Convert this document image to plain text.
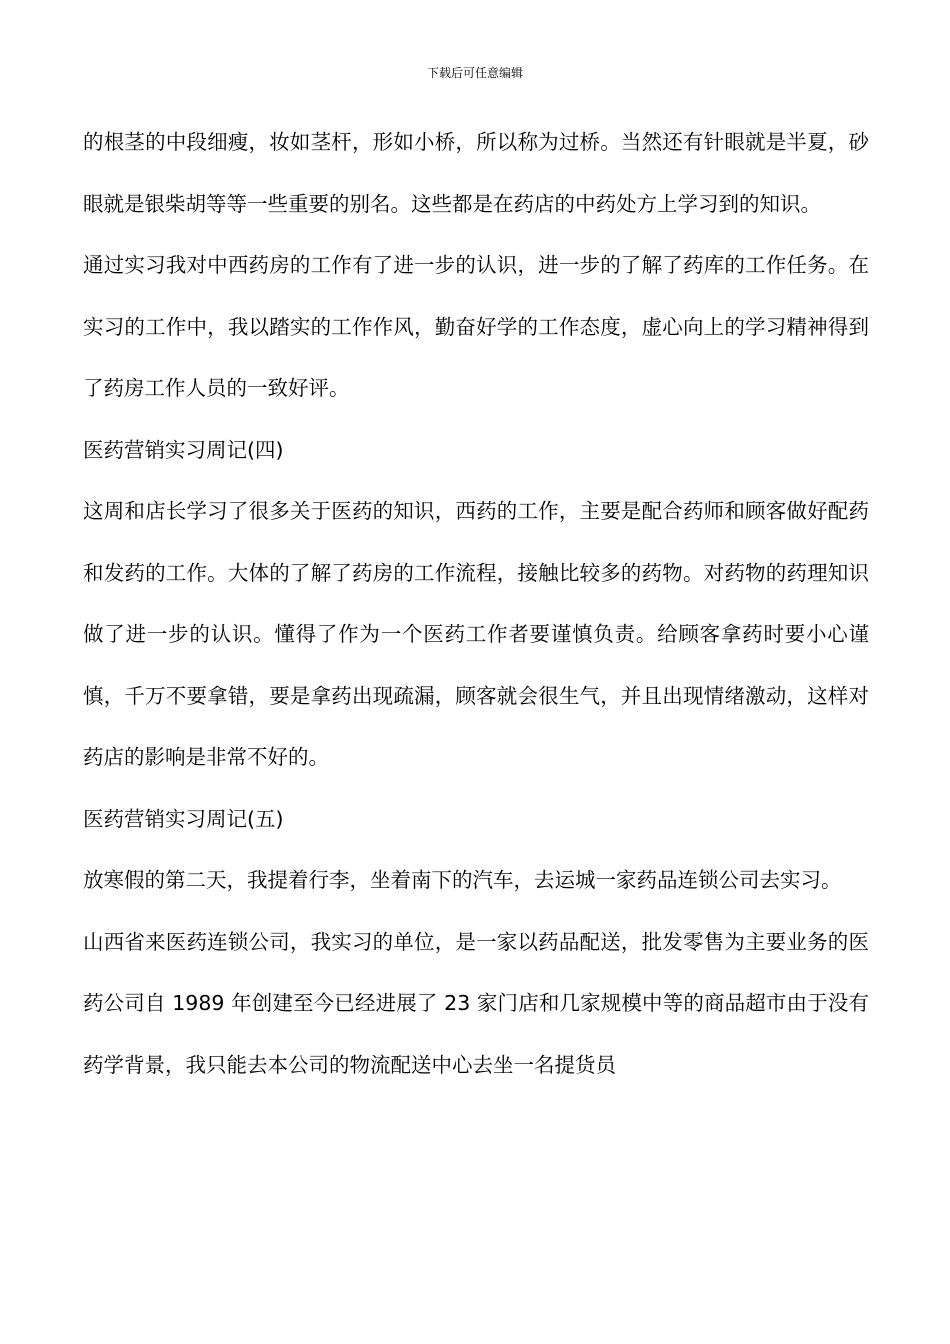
下载后可任意编辑

的根茎的中段细瘦，妆如茎杆，形如小桥，所以称为过桥。当然还有针眼就是半夏，砂眼就是银柴胡等等一些重要的别名。这些都是在药店的中药处方上学习到的知识。

通过实习我对中西药房的工作有了进一步的认识，进一步的了解了药库的工作任务。在实习的工作中，我以踏实的工作作风，勤奋好学的工作态度，虚心向上的学习精神得到了药房工作人员的一致好评。

医药营销实习周记(四)

这周和店长学习了很多关于医药的知识，西药的工作，主要是配合药师和顾客做好配药和发药的工作。大体的了解了药房的工作流程，接触比较多的药物。对药物的药理知识做了进一步的认识。懂得了作为一个医药工作者要谨慎负责。给顾客拿药时要小心谨慎，千万不要拿错，要是拿药出现疏漏，顾客就会很生气，并且出现情绪激动，这样对药店的影响是非常不好的。

医药营销实习周记(五)

放寒假的第二天，我提着行李，坐着南下的汽车，去运城一家药品连锁公司去实习。

山西省来医药连锁公司，我实习的单位，是一家以药品配送，批发零售为主要业务的医药公司自 1989 年创建至今已经进展了 23 家门店和几家规模中等的商品超市由于没有药学背景，我只能去本公司的物流配送中心去坐一名提货员
